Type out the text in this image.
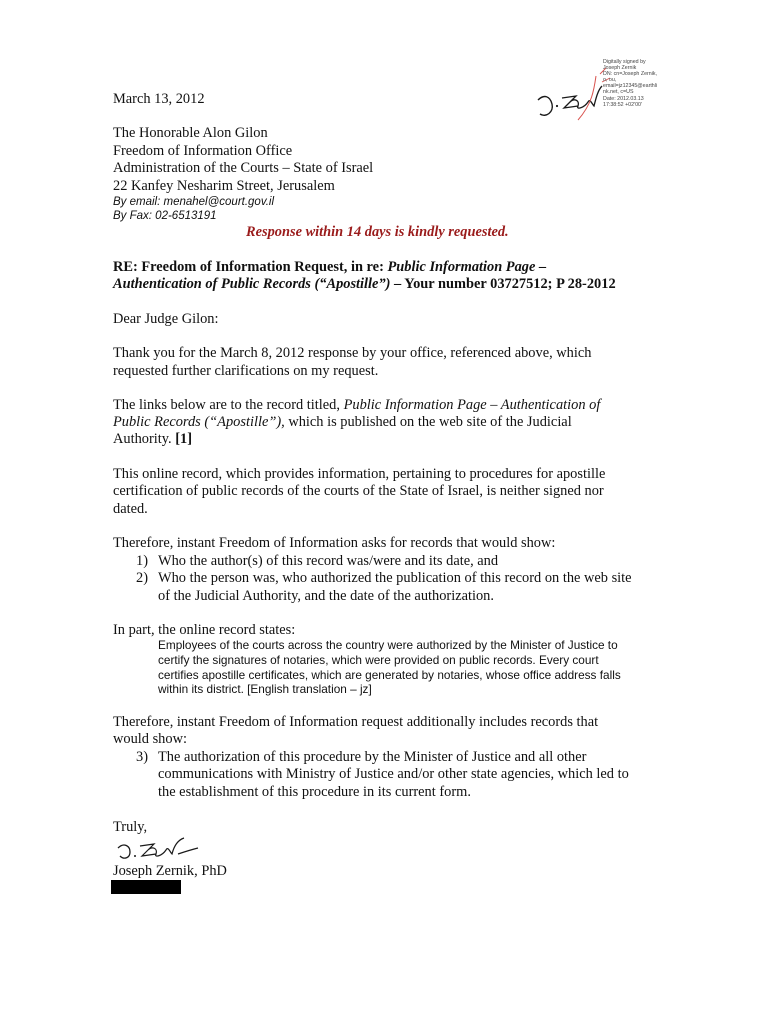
Digitally signed by
Joseph Zernik
DN: cn=Joseph Zernik,
o, ou,
email=jz12345@earthli
nk.net, c=US
Date: 2012.03.13
17:38:52 +02'00'
March 13, 2012
The Honorable Alon Gilon
Freedom of Information Office
Administration of the Courts – State of Israel
22 Kanfey Nesharim Street, Jerusalem
By email: menahel@court.gov.il
By Fax: 02-6513191
Response within 14 days is kindly requested.
RE: Freedom of Information Request, in re: Public Information Page –
Authentication of Public Records (“Apostille”) – Your number 03727512; P 28-2012
Dear Judge Gilon:
Thank you for the March 8, 2012 response by your office, referenced above, which
requested further clarifications on my request.
The links below are to the record titled, Public Information Page – Authentication of
Public Records (“Apostille”), which is published on the web site of the Judicial
Authority. [1]
This online record, which provides information, pertaining to procedures for apostille
certification of public records of the courts of the State of Israel, is neither signed nor
dated.
Therefore, instant Freedom of Information asks for records that would show:
1) Who the author(s) of this record was/were and its date, and
2) Who the person was, who authorized the publication of this record on the web site
of the Judicial Authority, and the date of the authorization.
In part, the online record states:
Employees of the courts across the country were authorized by the Minister of Justice to
certify the signatures of notaries, which were provided on public records. Every court
certifies apostille certificates, which are generated by notaries, whose office address falls
within its district. [English translation – jz]
Therefore, instant Freedom of Information request additionally includes records that
would show:
3) The authorization of this procedure by the Minister of Justice and all other
communications with Ministry of Justice and/or other state agencies, which led to
the establishment of this procedure in its current form.
Truly,
Joseph Zernik, PhD
